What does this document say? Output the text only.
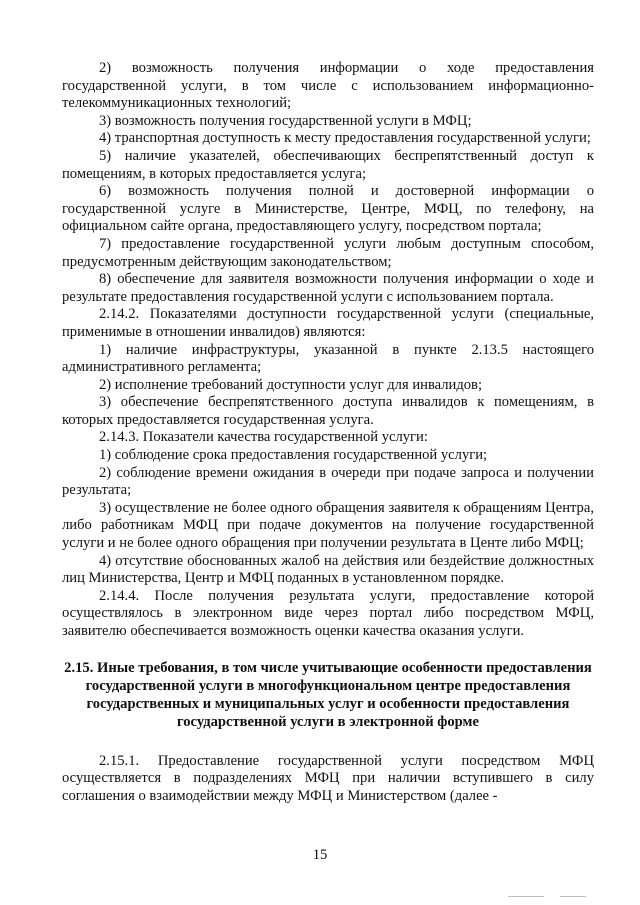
2) возможность получения информации о ходе предоставления государственной услуги, в том числе с использованием информационно-телекоммуникационных технологий;

3) возможность получения государственной услуги в МФЦ;

4) транспортная доступность к месту предоставления государственной услуги;

5) наличие указателей, обеспечивающих беспрепятственный доступ к помещениям, в которых предоставляется услуга;

6) возможность получения полной и достоверной информации о государственной услуге в Министерстве, Центре, МФЦ, по телефону, на официальном сайте органа, предоставляющего услугу, посредством портала;

7) предоставление государственной услуги любым доступным способом, предусмотренным действующим законодательством;

8) обеспечение для заявителя возможности получения информации о ходе и результате предоставления государственной услуги с использованием портала.

2.14.2. Показателями доступности государственной услуги (специальные, применимые в отношении инвалидов) являются:

1) наличие инфраструктуры, указанной в пункте 2.13.5 настоящего административного регламента;

2) исполнение требований доступности услуг для инвалидов;

3) обеспечение беспрепятственного доступа инвалидов к помещениям, в которых предоставляется государственная услуга.

2.14.3. Показатели качества государственной услуги:

1) соблюдение срока предоставления государственной услуги;

2) соблюдение времени ожидания в очереди при подаче запроса и получении результата;

3) осуществление не более одного обращения заявителя к обращениям Центра, либо работникам МФЦ при подаче документов на получение государственной услуги и не более одного обращения при получении результата в Центе либо МФЦ;

4) отсутствие обоснованных жалоб на действия или бездействие должностных лиц Министерства, Центр и МФЦ поданных в установленном порядке.

2.14.4. После получения результата услуги, предоставление которой осуществлялось в электронном виде через портал либо посредством МФЦ, заявителю обеспечивается возможность оценки качества оказания услуги.

2.15. Иные требования, в том числе учитывающие особенности предоставления государственной услуги в многофункциональном центре предоставления государственных и муниципальных услуг и особенности предоставления государственной услуги в электронной форме

2.15.1. Предоставление государственной услуги посредством МФЦ осуществляется в подразделениях МФЦ при наличии вступившего в силу соглашения о взаимодействии между МФЦ и Министерством (далее -

15
